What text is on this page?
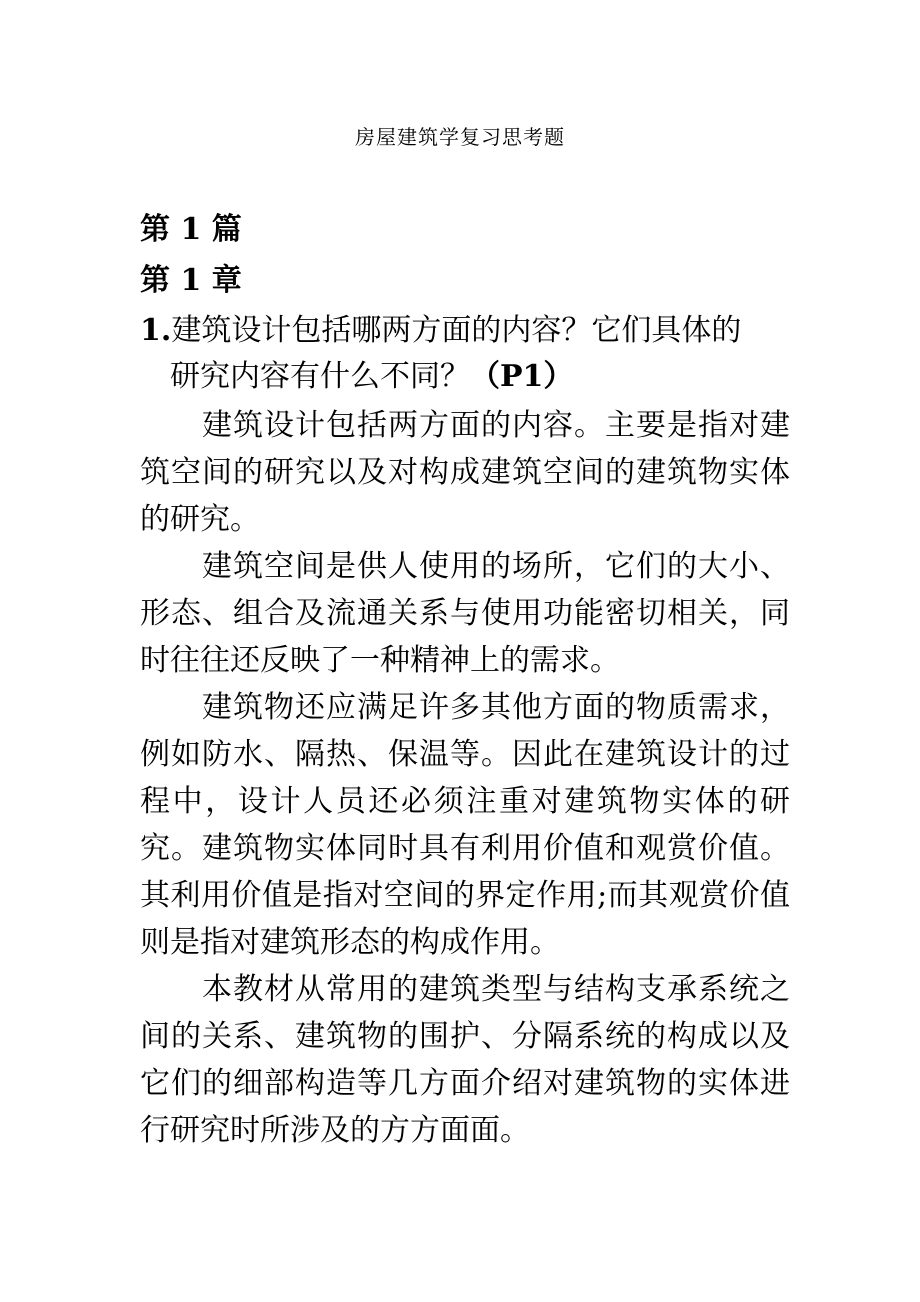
房屋建筑学复习思考题
第 1 篇
第 1 章
1.建筑设计包括哪两方面的内容？它们具体的
研究内容有什么不同？（P1）

建筑设计包括两方面的内容。主要是指对建筑空间的研究以及对构成建筑空间的建筑物实体的研究。

建筑空间是供人使用的场所，它们的大小、形态、组合及流通关系与使用功能密切相关，同时往往还反映了一种精神上的需求。

建筑物还应满足许多其他方面的物质需求，例如防水、隔热、保温等。因此在建筑设计的过程中，设计人员还必须注重对建筑物实体的研究。建筑物实体同时具有利用价值和观赏价值。其利用价值是指对空间的界定作用;而其观赏价值则是指对建筑形态的构成作用。

本教材从常用的建筑类型与结构支承系统之间的关系、建筑物的围护、分隔系统的构成以及它们的细部构造等几方面介绍对建筑物的实体进行研究时所涉及的方方面面。
